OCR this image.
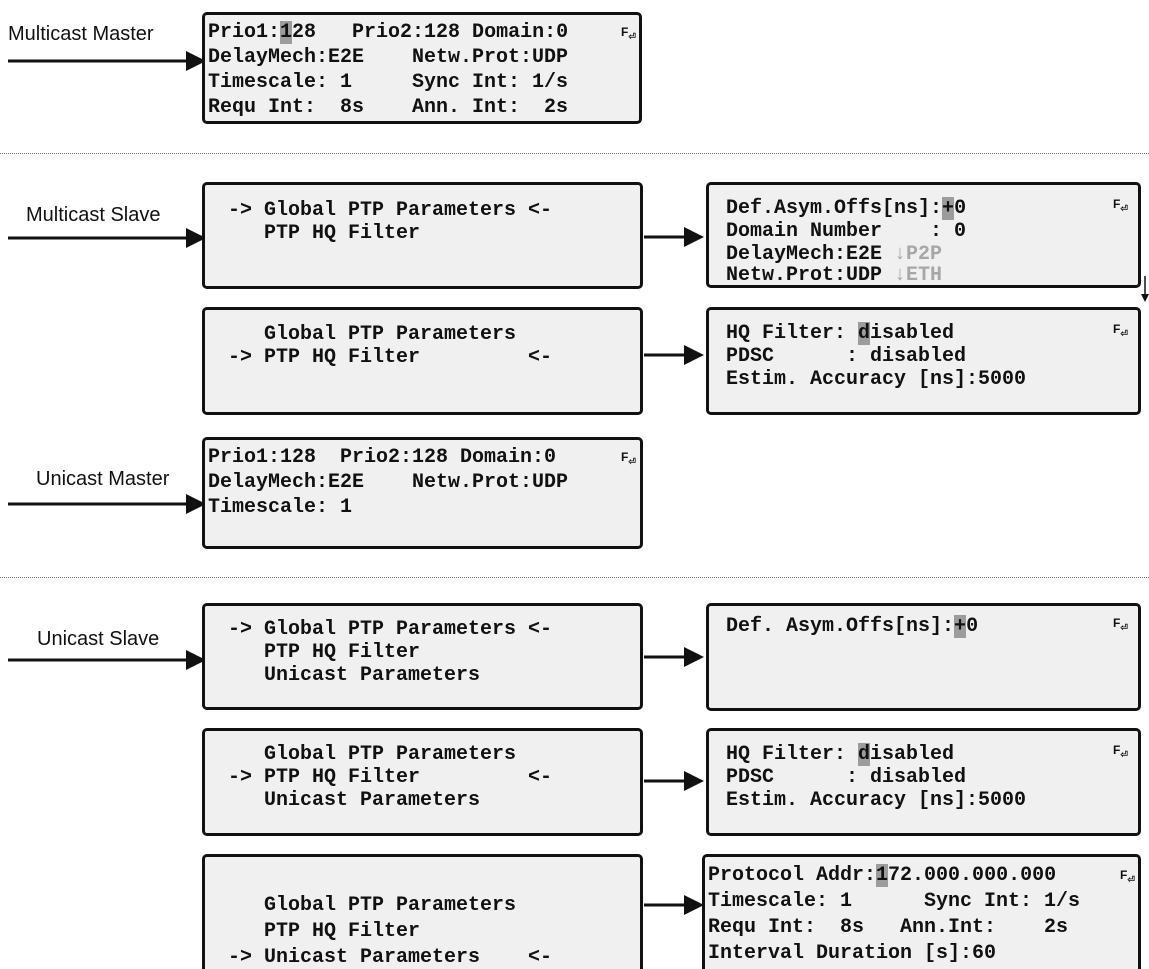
Multicast Master
Multicast Slave
Unicast Master
Unicast Slave
Prio1:128   Prio2:128 Domain:0
DelayMech:E2E    Netw.Prot:UDP
Timescale: 1     Sync Int: 1/s
Requ Int:  8s    Ann. Int:  2s
$F_⏎$
-> Global PTP Parameters <-
PTP HQ Filter
Def.Asym.Offs[ns]:+0
Domain Number    : 0
DelayMech:E2E ↓P2P
Netw.Prot:UDP ↓ETH
$F_⏎$
Global PTP Parameters
-> PTP HQ Filter         <-
HQ Filter: disabled
PDSC      : disabled
Estim. Accuracy [ns]:5000
$F_⏎$
Prio1:128  Prio2:128 Domain:0
DelayMech:E2E    Netw.Prot:UDP
Timescale: 1
$F_⏎$
-> Global PTP Parameters <-
PTP HQ Filter
Unicast Parameters
Def. Asym.Offs[ns]:+0	$F_⏎$
Global PTP Parameters
-> PTP HQ Filter         <-
Unicast Parameters
HQ Filter: disabled
PDSC      : disabled
Estim. Accuracy [ns]:5000
$F_⏎$
Global PTP Parameters
PTP HQ Filter
-> Unicast Parameters    <-
Protocol Addr:172.000.000.000
Timescale: 1      Sync Int: 1/s
Requ Int:  8s   Ann.Int:    2s
Interval Duration [s]:60
$F_⏎$
